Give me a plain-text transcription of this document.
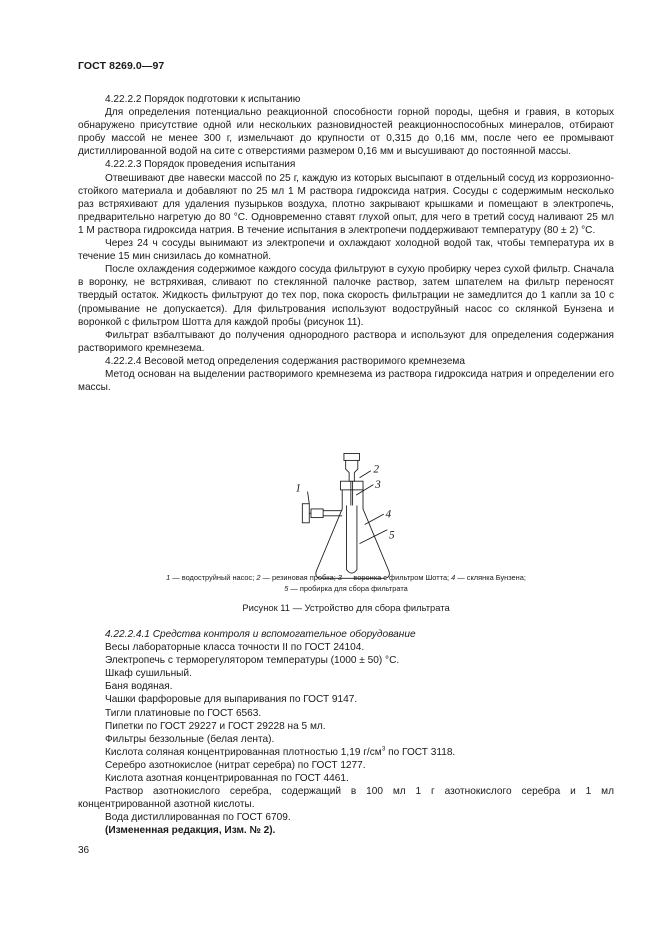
ГОСТ 8269.0—97

4.22.2.2 Порядок подготовки к испытанию

Для определения потенциально реакционной способности горной породы, щебня и гравия, в которых обнаружено присутствие одной или нескольких разновидностей реакционноспособных минералов, отбирают пробу массой не менее 300 г, измельчают до крупности от 0,315 до 0,16 мм, после чего ее промывают дистиллированной водой на сите с отверстиями размером 0,16 мм и высушивают до постоянной массы.

4.22.2.3 Порядок проведения испытания

Отвешивают две навески массой по 25 г, каждую из которых высыпают в отдельный сосуд из коррозионно-стойкого материала и добавляют по 25 мл 1 М раствора гидроксида натрия. Сосуды с содержимым несколько раз встряхивают для удаления пузырьков воздуха, плотно закрывают крышками и помещают в электропечь, предварительно нагретую до 80 °С. Одновременно ставят глухой опыт, для чего в третий сосуд наливают 25 мл 1 М раствора гидроксида натрия. В течение испытания в электропечи поддерживают температуру (80 ± 2) °С.

Через 24 ч сосуды вынимают из электропечи и охлаждают холодной водой так, чтобы температура их в течение 15 мин снизилась до комнатной.

После охлаждения содержимое каждого сосуда фильтруют в сухую пробирку через сухой фильтр. Сначала в воронку, не встряхивая, сливают по стеклянной палочке раствор, затем шпателем на фильтр переносят твердый остаток. Жидкость фильтруют до тех пор, пока скорость фильтрации не замедлится до 1 капли за 10 с (промывание не допускается). Для фильтрования используют водоструйный насос со склянкой Бунзена и воронкой с фильтром Шотта для каждой пробы (рисунок 11).

Фильтрат взбалтывают до получения однородного раствора и используют для определения содержания растворимого кремнезема.

4.22.2.4 Весовой метод определения содержания растворимого кремнезема

Метод основан на выделении растворимого кремнезема из раствора гидроксида натрия и определении его массы.

1
2
3
4
5
1 — водоструйный насос; 2 — резиновая пробка; 3 — воронка с фильтром Шотта; 4 — склянка Бунзена;
5 — пробирка для сбора фильтрата
Рисунок 11 — Устройство для сбора фильтрата

4.22.2.4.1 Средства контроля и вспомогательное оборудование

Весы лабораторные класса точности II по ГОСТ 24104.

Электропечь с терморегулятором температуры (1000 ± 50) °С.

Шкаф сушильный.

Баня водяная.

Чашки фарфоровые для выпаривания по ГОСТ 9147.

Тигли платиновые по ГОСТ 6563.

Пипетки по ГОСТ 29227 и ГОСТ 29228 на 5 мл.

Фильтры беззольные (белая лента).

Кислота соляная концентрированная плотностью 1,19 $г/см^3$ по ГОСТ 3118.

Серебро азотнокислое (нитрат серебра) по ГОСТ 1277.

Кислота азотная концентрированная по ГОСТ 4461.

Раствор азотнокислого серебра, содержащий в 100 мл 1 г азотнокислого серебра и 1 мл концентрированной азотной кислоты.

Вода дистиллированная по ГОСТ 6709.

(Измененная редакция, Изм. № 2).

36
